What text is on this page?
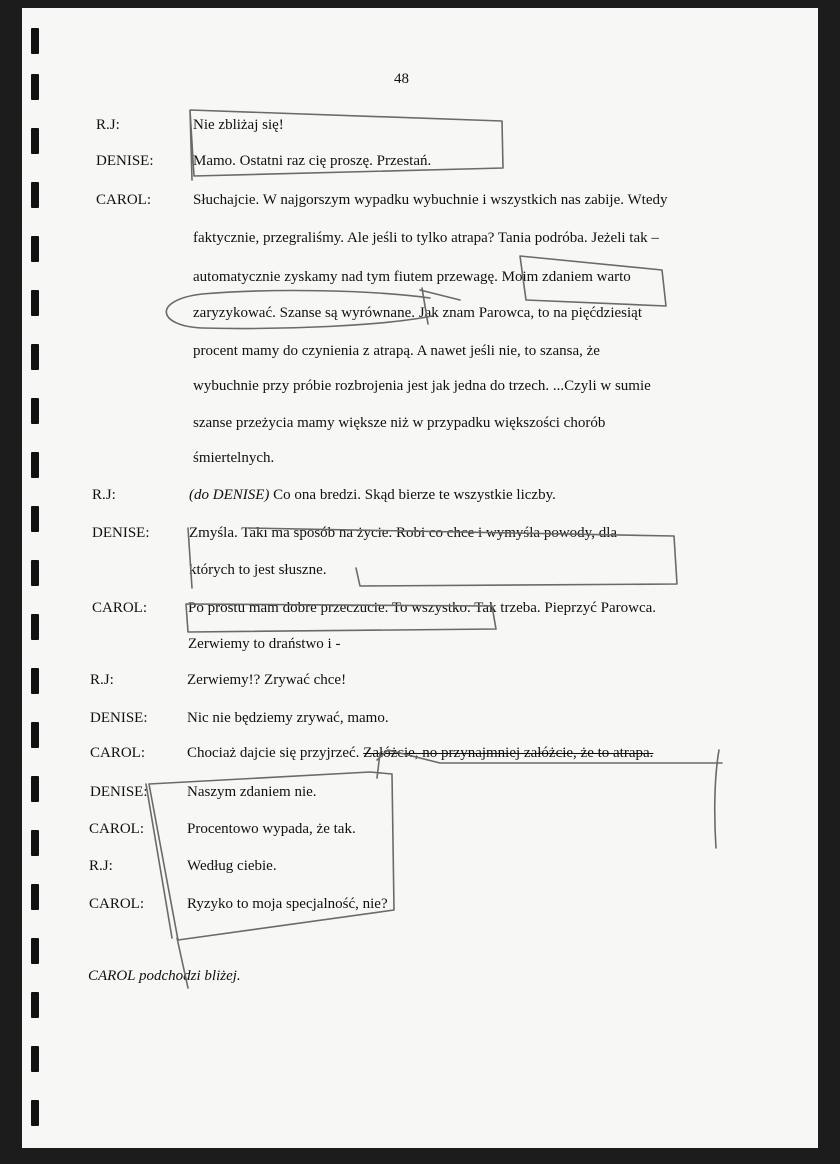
48
R.J:	Nie zbliżaj się!
DENISE:	Mamo. Ostatni raz cię proszę. Przestań.
CAROL:	Słuchajcie. W najgorszym wypadku wybuchnie i wszystkich nas zabije. Wtedy
faktycznie, przegraliśmy. Ale jeśli to tylko atrapa? Tania podróba. Jeżeli tak –
automatycznie zyskamy nad tym fiutem przewagę. Moim zdaniem warto
zaryzykować. Szanse są wyrównane. Jak znam Parowca, to na pięćdziesiąt
procent mamy do czynienia z atrapą. A nawet jeśli nie, to szansa, że
wybuchnie przy próbie rozbrojenia jest jak jedna do trzech. ...Czyli w sumie
szanse przeżycia mamy większe niż w przypadku większości chorób
śmiertelnych.
R.J:	(do DENISE) Co ona bredzi. Skąd bierze te wszystkie liczby.
DENISE:	Zmyśla. Taki ma sposób na życie. Robi co chce i wymyśla powody, dla
których to jest słuszne.
CAROL:	Po prostu mam dobre przeczucie. To wszystko. Tak trzeba. Pieprzyć Parowca.
Zerwiemy to draństwo i -
R.J:	Zerwiemy!? Zrywać chce!
DENISE:	Nic nie będziemy zrywać, mamo.
CAROL:	Chociaż dajcie się przyjrzeć. Załóżcie, no przynajmniej załóżcie, że to atrapa.
DENISE:	Naszym zdaniem nie.
CAROL:	Procentowo wypada, że tak.
R.J:	Według ciebie.
CAROL:	Ryzyko to moja specjalność, nie?
CAROL podchodzi bliżej.
